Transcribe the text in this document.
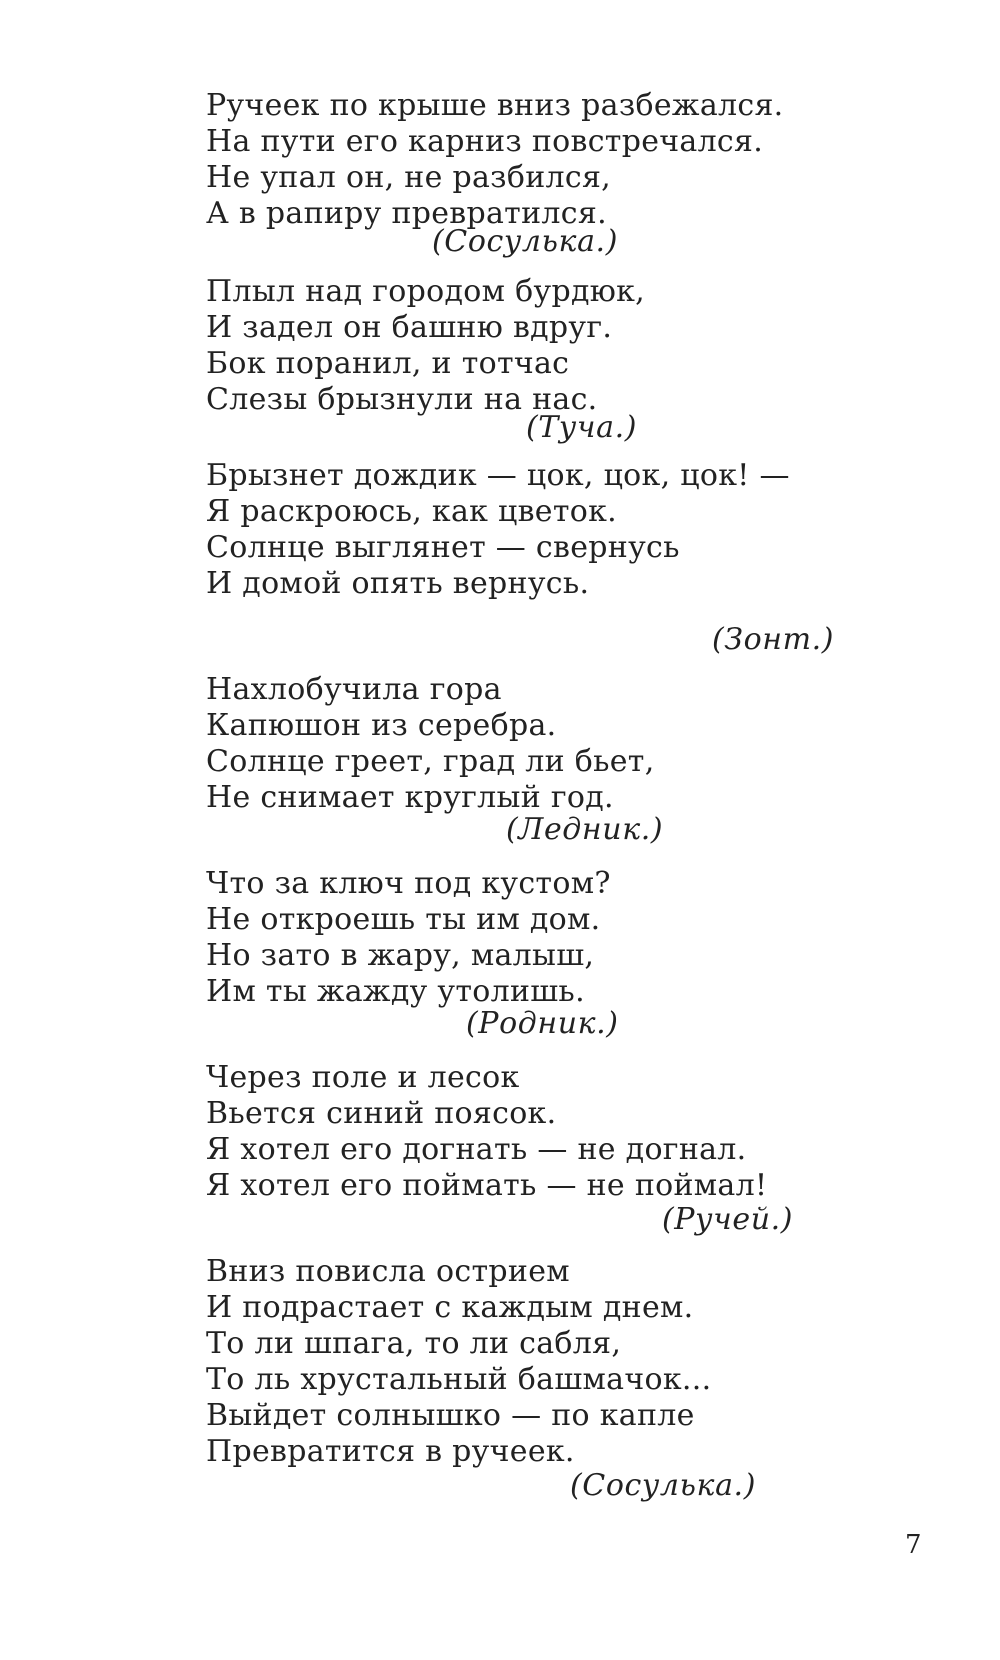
Ручеек по крыше вниз разбежался.
На пути его карниз повстречался.
Не упал он, не разбился,
А в рапиру превратился.
(Сосулька.)
Плыл над городом бурдюк,
И задел он башню вдруг.
Бок поранил, и тотчас
Слезы брызнули на нас.
(Туча.)
Брызнет дождик — цок, цок, цок! —
Я раскроюсь, как цветок.
Солнце выглянет — свернусь
И домой опять вернусь.
(Зонт.)
Нахлобучила гора
Капюшон из серебра.
Солнце греет, град ли бьет,
Не снимает круглый год.
(Ледник.)
Что за ключ под кустом?
Не откроешь ты им дом.
Но зато в жару, малыш,
Им ты жажду утолишь.
(Родник.)
Через поле и лесок
Вьется синий поясок.
Я хотел его догнать — не догнал.
Я хотел его поймать — не поймал!
(Ручей.)
Вниз повисла острием
И подрастает с каждым днем.
То ли шпага, то ли сабля,
То ль хрустальный башмачок...
Выйдет солнышко — по капле
Превратится в ручеек.
(Сосулька.)
7
